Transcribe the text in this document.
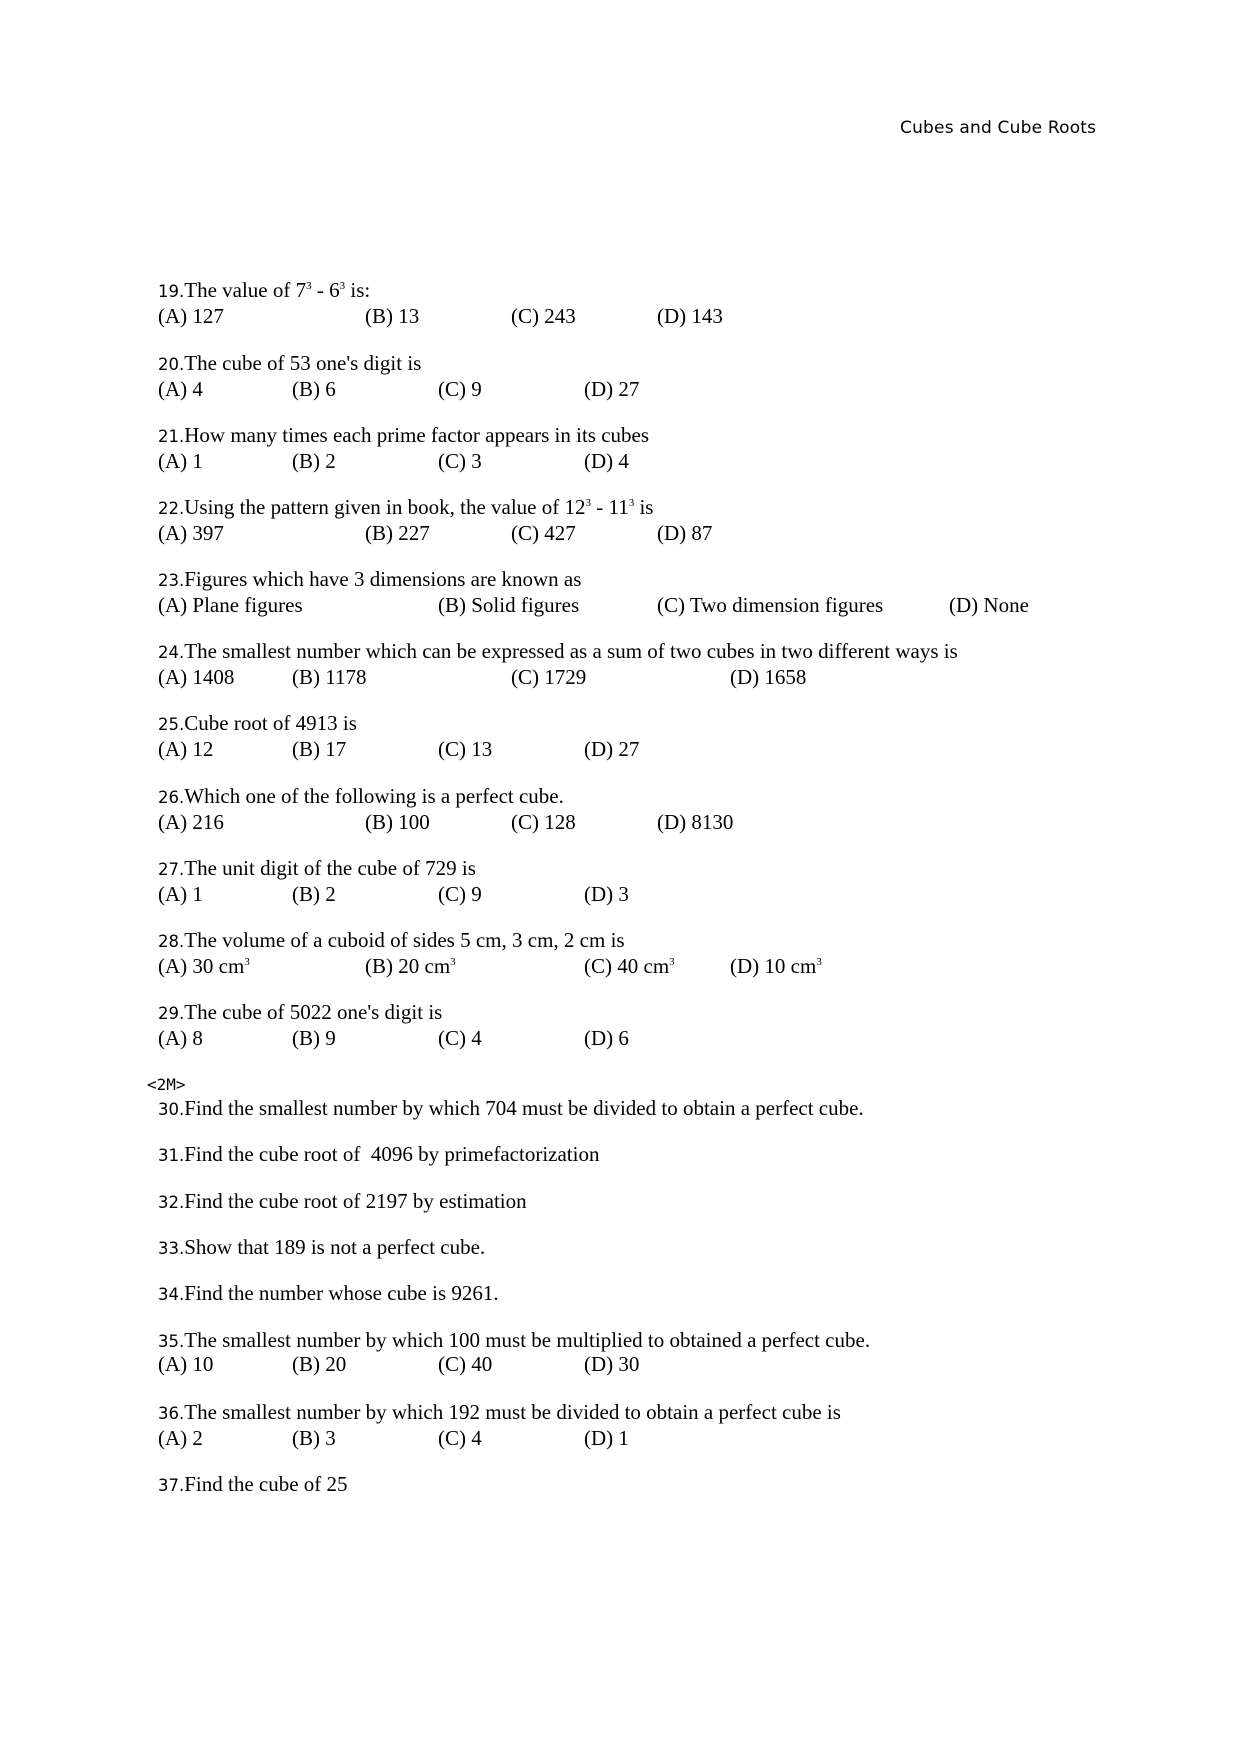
Cubes and Cube Roots
19.The value of $7^3 - 6^3$ is:
(A) 127	(B) 13	(C) 243	(D) 143
20.The cube of 53 one's digit is
(A) 4	(B) 6	(C) 9	(D) 27
21.How many times each prime factor appears in its cubes
(A) 1	(B) 2	(C) 3	(D) 4
22.Using the pattern given in book, the value of $12^3 - 11^3$ is
(A) 397	(B) 227	(C) 427	(D) 87
23.Figures which have 3 dimensions are known as
(A) Plane figures	(B) Solid figures	(C) Two dimension figures	(D) None
24.The smallest number which can be expressed as a sum of two cubes in two different ways is
(A) 1408	(B) 1178	(C) 1729	(D) 1658
25.Cube root of 4913 is
(A) 12	(B) 17	(C) 13	(D) 27
26.Which one of the following is a perfect cube.
(A) 216	(B) 100	(C) 128	(D) 8130
27.The unit digit of the cube of 729 is
(A) 1	(B) 2	(C) 9	(D) 3
28.The volume of a cuboid of sides 5 cm, 3 cm, 2 cm is
(A) 30 $cm^3$	(B) 20 $cm^3$	(C) 40 $cm^3$	(D) 10 $cm^3$
29.The cube of 5022 one's digit is
(A) 8	(B) 9	(C) 4	(D) 6
<2M>
30.Find the smallest number by which 704 must be divided to obtain a perfect cube.
31.Find the cube root of  4096 by primefactorization
32.Find the cube root of 2197 by estimation
33.Show that 189 is not a perfect cube.
34.Find the number whose cube is 9261.
35.The smallest number by which 100 must be multiplied to obtained a perfect cube.
(A) 10	(B) 20	(C) 40	(D) 30
36.The smallest number by which 192 must be divided to obtain a perfect cube is
(A) 2	(B) 3	(C) 4	(D) 1
37.Find the cube of 25
